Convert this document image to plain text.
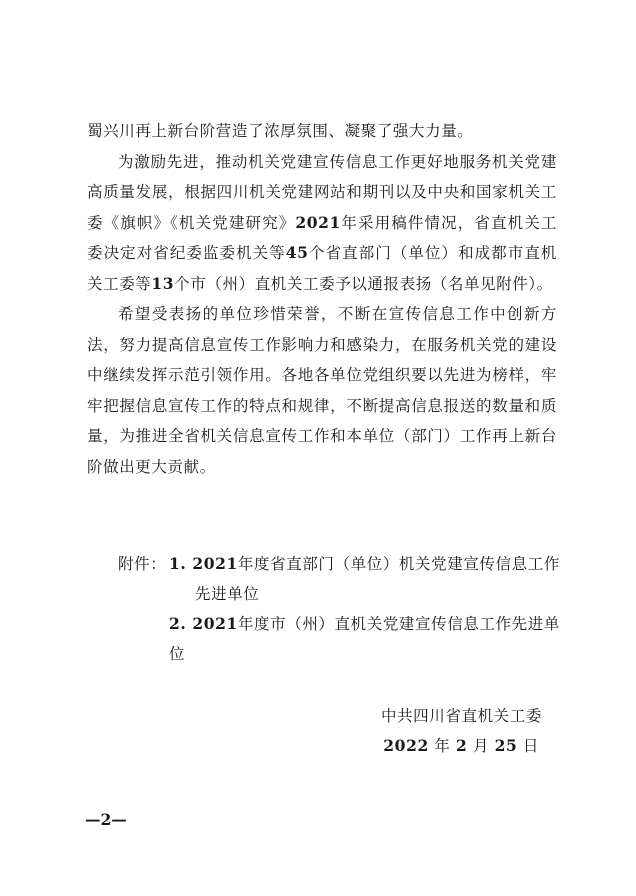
蜀兴川再上新台阶营造了浓厚氛围、凝聚了强大力量。

为激励先进，推动机关党建宣传信息工作更好地服务机关党建高质量发展，根据四川机关党建网站和期刊以及中央和国家机关工委《旗帜》《机关党建研究》2021年采用稿件情况，省直机关工委决定对省纪委监委机关等45个省直部门（单位）和成都市直机关工委等13个市（州）直机关工委予以通报表扬（名单见附件）。

希望受表扬的单位珍惜荣誉，不断在宣传信息工作中创新方法，努力提高信息宣传工作影响力和感染力，在服务机关党的建设中继续发挥示范引领作用。各地各单位党组织要以先进为榜样，牢牢把握信息宣传工作的特点和规律，不断提高信息报送的数量和质量，为推进全省机关信息宣传工作和本单位（部门）工作再上新台阶做出更大贡献。

附件： 1. 2021年度省直部门（单位）机关党建宣传信息工作先进单位
2. 2021年度市（州）直机关党建宣传信息工作先进单位
中共四川省直机关工委
2022 年 2 月 25 日
—2—
